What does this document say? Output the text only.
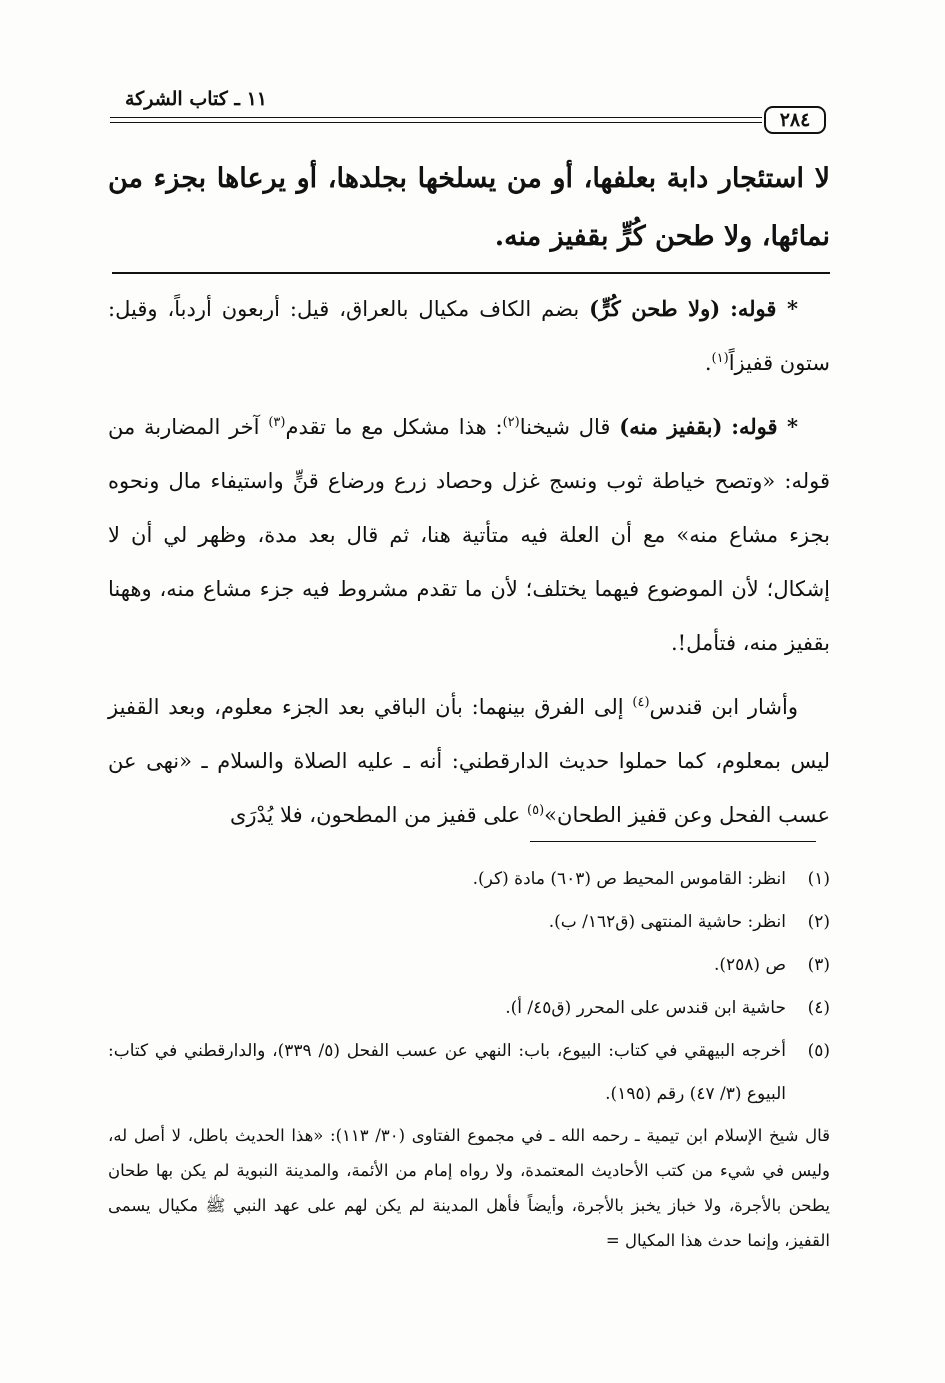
١١ ـ كتاب الشركة
٢٨٤
لا استئجار دابة بعلفها، أو من يسلخها بجلدها، أو يرعاها بجزء من نمائها، ولا طحن كُرٍّ بقفيز منه.

* قوله: (ولا طحن كُرٍّ) بضم الكاف مكيال بالعراق، قيل: أربعون أردباً، وقيل: ستون قفيزاً$^{(١)}$.

* قوله: (بقفيز منه) قال شيخنا$^{(٢)}$: هذا مشكل مع ما تقدم$^{(٣)}$ آخر المضاربة من قوله: «وتصح خياطة ثوب ونسج غزل وحصاد زرع ورضاع قنٍّ واستيفاء مال ونحوه بجزء مشاع منه» مع أن العلة فيه متأتية هنا، ثم قال بعد مدة، وظهر لي أن لا إشكال؛ لأن الموضوع فيهما يختلف؛ لأن ما تقدم مشروط فيه جزء مشاع منه، وههنا بقفيز منه، فتأمل!.

وأشار ابن قندس$^{(٤)}$ إلى الفرق بينهما: بأن الباقي بعد الجزء معلوم، وبعد القفيز ليس بمعلوم، كما حملوا حديث الدارقطني: أنه ـ عليه الصلاة والسلام ـ «نهى عن عسب الفحل وعن قفيز الطحان»$^{(٥)}$ على قفيز من المطحون، فلا يُدْرَى

(١)
انظر: القاموس المحيط ص (٦٠٣) مادة (كر).
(٢)
انظر: حاشية المنتهى (ق١٦٢/ ب).
(٣)
ص (٢٥٨).
(٤)
حاشية ابن قندس على المحرر (ق٤٥/ أ).
(٥)
أخرجه البيهقي في كتاب: البيوع، باب: النهي عن عسب الفحل (٥/ ٣٣٩)، والدارقطني في كتاب: البيوع (٣/ ٤٧) رقم (١٩٥).
قال شيخ الإسلام ابن تيمية ـ رحمه الله ـ في مجموع الفتاوى (٣٠/ ١١٣): «هذا الحديث باطل، لا أصل له، وليس في شيء من كتب الأحاديث المعتمدة، ولا رواه إمام من الأئمة، والمدينة النبوية لم يكن بها طحان يطحن بالأجرة، ولا خباز يخبز بالأجرة، وأيضاً فأهل المدينة لم يكن لهم على عهد النبي ﷺ مكيال يسمى القفيز، وإنما حدث هذا المكيال =
